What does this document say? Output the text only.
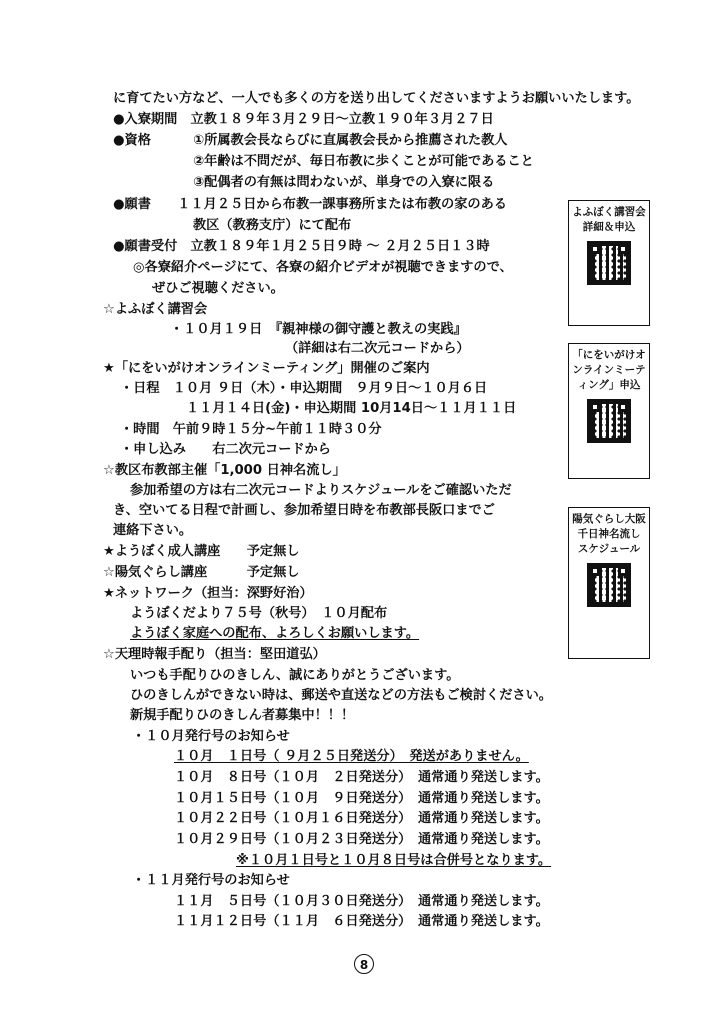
に育てたい方など、一人でも多くの方を送り出してくださいますようお願いいたします。
●入寮期間　立教１８９年３月２９日～立教１９０年３月２７日
●資格	①所属教会長ならびに直属教会長から推薦された教人
②年齢は不問だが、毎日布教に歩くことが可能であること
③配偶者の有無は問わないが、単身での入寮に限る
●願書　　１１月２５日から布教一課事務所または布教の家のある
教区（教務支庁）にて配布
●願書受付　立教１８９年１月２５日９時 ～ ２月２５日１３時
◎各寮紹介ページにて、各寮の紹介ビデオが視聴できますので、
ぜひご視聴ください。
☆よふぼく講習会
・１０月１９日　『親神様の御守護と教えの実践』
（詳細は右二次元コードから）
★「にをいがけオンラインミーティング」開催のご案内
・日程　１０月 ９日（木）・申込期間　９月９日～１０月６日
１１月１４日(金)・申込期間 10月14日～１１月１１日
・時間　午前９時１５分~午前１１時３０分
・申し込み　　右二次元コードから
☆教区布教部主催「1,000 日神名流し」
参加希望の方は右二次元コードよりスケジュールをご確認いただ
き、空いてる日程で計画し、参加希望日時を布教部長阪口までご
連絡下さい。
★ようぼく成人講座　　予定無し
☆陽気ぐらし講座　　　予定無し
★ネットワーク（担当：深野好治）
ようぼくだより７５号（秋号）　１０月配布
ようぼく家庭への配布、よろしくお願いします。
☆天理時報手配り（担当：堅田道弘）
いつも手配りひのきしん、誠にありがとうございます。
ひのきしんができない時は、郵送や直送などの方法もご検討ください。
新規手配りひのきしん者募集中！！！
・１０月発行号のお知らせ
１０月　１日号（ ９月２５日発送分）　発送がありません。
１０月　８日号（１０月　２日発送分）　通常通り発送します。
１０月１５日号（１０月　９日発送分）　通常通り発送します。
１０月２２日号（１０月１６日発送分）　通常通り発送します。
１０月２９日号（１０月２３日発送分）　通常通り発送します。
※１０月１日号と１０月８日号は合併号となります。
・１１月発行号のお知らせ
１１月　５日号（１０月３０日発送分）　通常通り発送します。
１１月１２日号（１１月　６日発送分）　通常通り発送します。
よふぼく講習会
詳細＆申込
「にをいがけオ
ンラインミーテ
ィング」申込
陽気ぐらし大阪
千日神名流し
スケジュール
8
